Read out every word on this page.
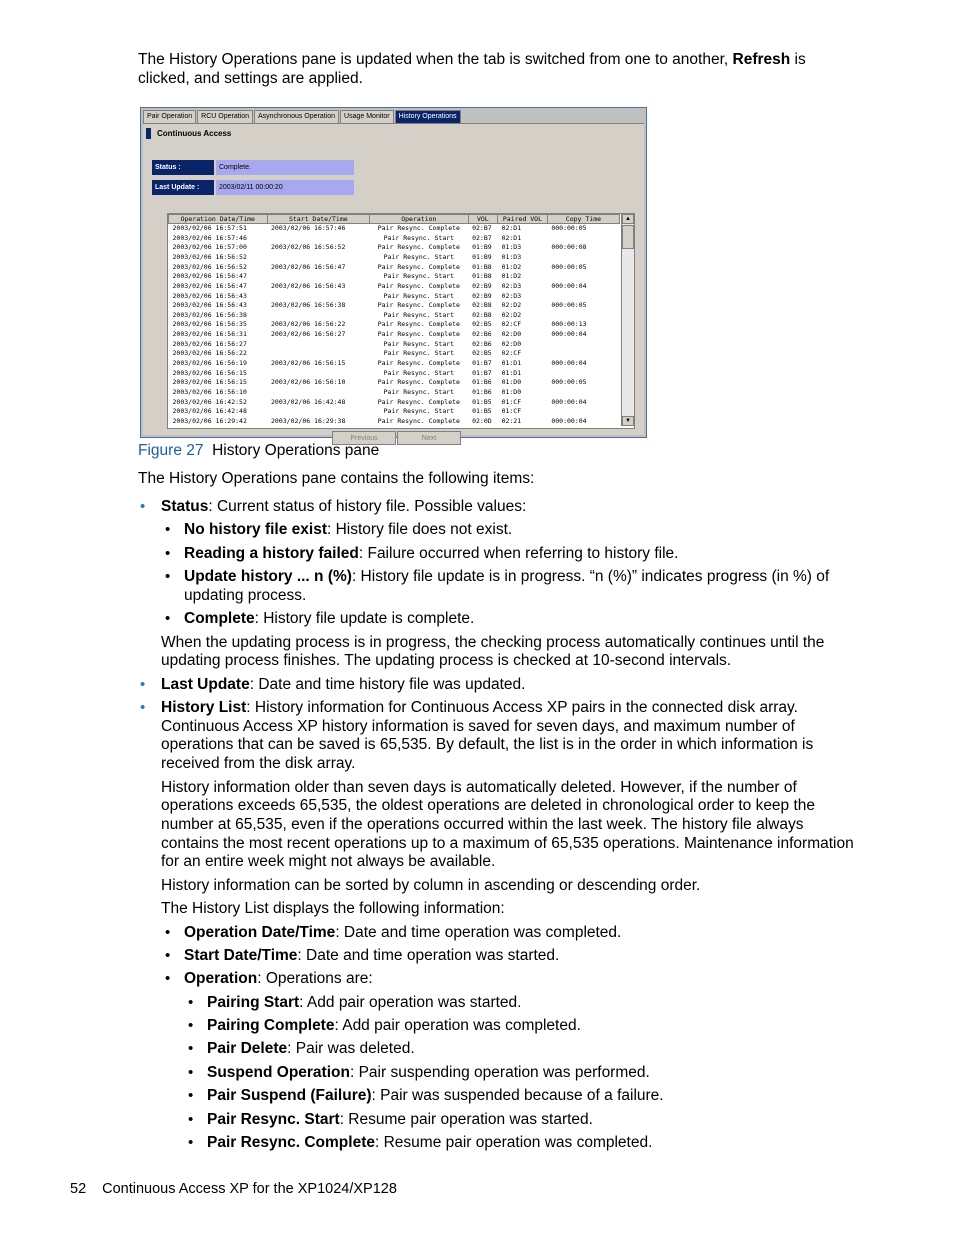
The History Operations pane is updated when the tab is switched from one to another, Refresh is clicked, and settings are applied.
Pair Operation	RCU Operation	Asynchronous Operation	Usage Monitor	History Operations
Continuous Access
Status :	Complete.
Last Update :	2003/02/11 00:00:20
Operation Date/Time	Start Date/Time	Operation	VOL	Paired VOL	Copy Time
2003/02/06 16:57:51	2003/02/06 16:57:46	Pair Resync. Complete	02:B7	02:D1	000:00:05
2003/02/06 16:57:46		Pair Resync. Start	02:B7	02:D1	
2003/02/06 16:57:00	2003/02/06 16:56:52	Pair Resync. Complete	01:B9	01:D3	000:00:08
2003/02/06 16:56:52		Pair Resync. Start	01:B9	01:D3	
2003/02/06 16:56:52	2003/02/06 16:56:47	Pair Resync. Complete	01:B8	01:D2	000:00:05
2003/02/06 16:56:47		Pair Resync. Start	01:B8	01:D2	
2003/02/06 16:56:47	2003/02/06 16:56:43	Pair Resync. Complete	02:B9	02:D3	000:00:04
2003/02/06 16:56:43		Pair Resync. Start	02:B9	02:D3	
2003/02/06 16:56:43	2003/02/06 16:56:38	Pair Resync. Complete	02:B8	02:D2	000:00:05
2003/02/06 16:56:38		Pair Resync. Start	02:B8	02:D2	
2003/02/06 16:56:35	2003/02/06 16:56:22	Pair Resync. Complete	02:B5	02:CF	000:00:13
2003/02/06 16:56:31	2003/02/06 16:56:27	Pair Resync. Complete	02:B6	02:D0	000:00:04
2003/02/06 16:56:27		Pair Resync. Start	02:B6	02:D0	
2003/02/06 16:56:22		Pair Resync. Start	02:B5	02:CF	
2003/02/06 16:56:19	2003/02/06 16:56:15	Pair Resync. Complete	01:B7	01:D1	000:00:04
2003/02/06 16:56:15		Pair Resync. Start	01:B7	01:D1	
2003/02/06 16:56:15	2003/02/06 16:56:10	Pair Resync. Complete	01:B6	01:D0	000:00:05
2003/02/06 16:56:10		Pair Resync. Start	01:B6	01:D0	
2003/02/06 16:42:52	2003/02/06 16:42:48	Pair Resync. Complete	01:B5	01:CF	000:00:04
2003/02/06 16:42:48		Pair Resync. Start	01:B5	01:CF	
2003/02/06 16:29:42	2003/02/06 16:29:38	Pair Resync. Complete	02:0D	02:21	000:00:04
▲
▼
Previous	Next
Figure 27 History Operations pane
The History Operations pane contains the following items:
• Status: Current status of history file. Possible values:
• No history file exist: History file does not exist.
• Reading a history failed: Failure occurred when referring to history file.
• Update history ... n (%): History file update is in progress. “n (%)” indicates progress (in %) of
updating process.
• Complete: History file update is complete.
When the updating process is in progress, the checking process automatically continues until the
updating process finishes. The updating process is checked at 10-second intervals.
• Last Update: Date and time history file was updated.
• History List: History information for Continuous Access XP pairs in the connected disk array.
Continuous Access XP history information is saved for seven days, and maximum number of
operations that can be saved is 65,535. By default, the list is in the order in which information is
received from the disk array.
History information older than seven days is automatically deleted. However, if the number of
operations exceeds 65,535, the oldest operations are deleted in chronological order to keep the
number at 65,535, even if the operations occurred within the last week. The history file always
contains the most recent operations up to a maximum of 65,535 operations. Maintenance information
for an entire week might not always be available.
History information can be sorted by column in ascending or descending order.
The History List displays the following information:
• Operation Date/Time: Date and time operation was completed.
• Start Date/Time: Date and time operation was started.
• Operation: Operations are:
• Pairing Start: Add pair operation was started.
• Pairing Complete: Add pair operation was completed.
• Pair Delete: Pair was deleted.
• Suspend Operation: Pair suspending operation was performed.
• Pair Suspend (Failure): Pair was suspended because of a failure.
• Pair Resync. Start: Resume pair operation was started.
• Pair Resync. Complete: Resume pair operation was completed.
52 Continuous Access XP for the XP1024/XP128
